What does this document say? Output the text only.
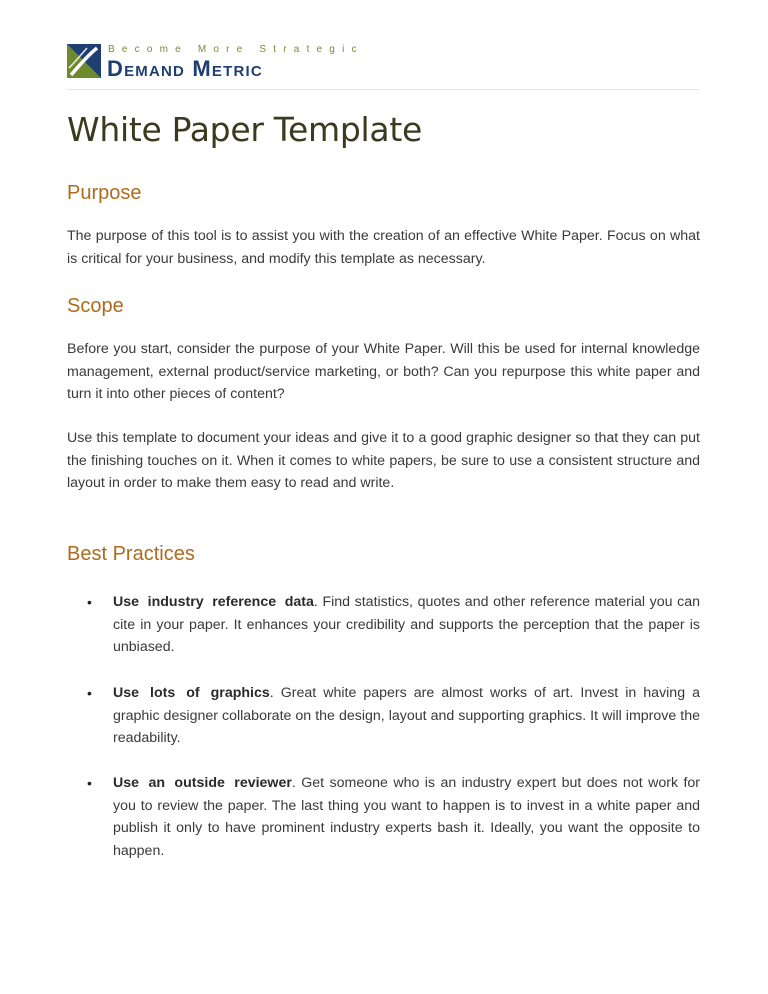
Become More Strategic
Demand Metric
White Paper Template
Purpose

The purpose of this tool is to assist you with the creation of an effective White Paper. Focus on what is critical for your business, and modify this template as necessary.

Scope

Before you start, consider the purpose of your White Paper. Will this be used for internal knowledge management, external product/service marketing, or both? Can you repurpose this white paper and turn it into other pieces of content?

Use this template to document your ideas and give it to a good graphic designer so that they can put the finishing touches on it. When it comes to white papers, be sure to use a consistent structure and layout in order to make them easy to read and write.

Best Practices
• Use industry reference data. Find statistics, quotes and other reference material you can cite in your paper. It enhances your credibility and supports the perception that the paper is unbiased.
• Use lots of graphics. Great white papers are almost works of art. Invest in having a graphic designer collaborate on the design, layout and supporting graphics. It will improve the readability.
• Use an outside reviewer. Get someone who is an industry expert but does not work for you to review the paper. The last thing you want to happen is to invest in a white paper and publish it only to have prominent industry experts bash it. Ideally, you want the opposite to happen.
